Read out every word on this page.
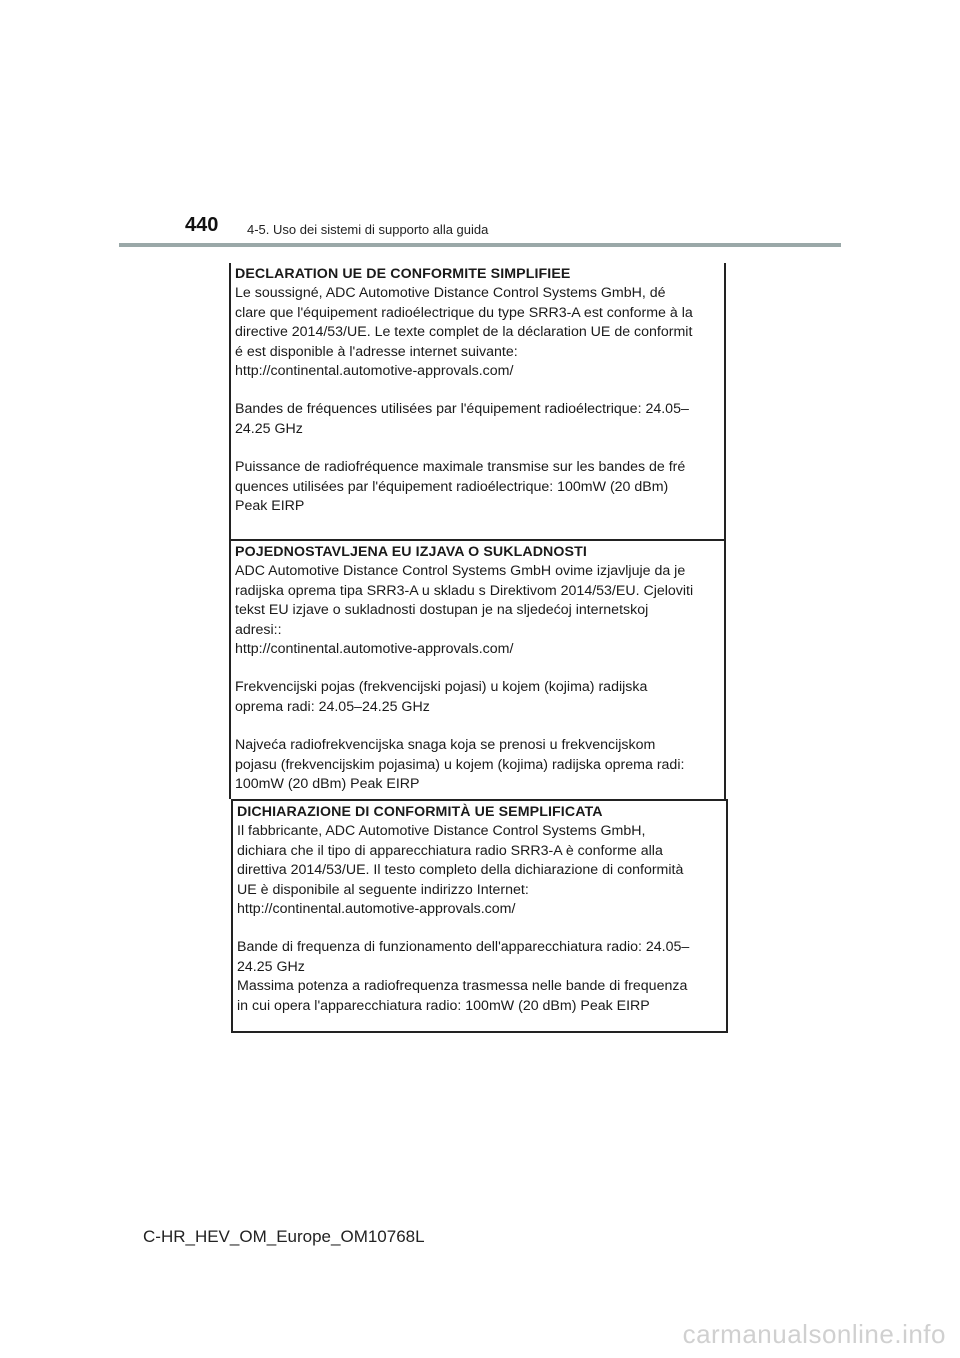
440 4-5. Uso dei sistemi di supporto alla guida
DECLARATION UE DE CONFORMITE SIMPLIFIEE
Le soussigné, ADC Automotive Distance Control Systems GmbH, dé
clare que l'équipement radioélectrique du type SRR3-A est conforme à la
directive 2014/53/UE. Le texte complet de la déclaration UE de conformit
é est disponible à l'adresse internet suivante:
http://continental.automotive-approvals.com/
Bandes de fréquences utilisées par l'équipement radioélectrique: 24.05–
24.25 GHz
Puissance de radiofréquence maximale transmise sur les bandes de fré
quences utilisées par l'équipement radioélectrique: 100mW (20 dBm)
Peak EIRP
POJEDNOSTAVLJENA EU IZJAVA O SUKLADNOSTI
ADC Automotive Distance Control Systems GmbH ovime izjavljuje da je
radijska oprema tipa SRR3-A u skladu s Direktivom 2014/53/EU. Cjeloviti
tekst EU izjave o sukladnosti dostupan je na sljedećoj internetskoj
adresi::
http://continental.automotive-approvals.com/
Frekvencijski pojas (frekvencijski pojasi) u kojem (kojima) radijska
oprema radi: 24.05–24.25 GHz
Najveća radiofrekvencijska snaga koja se prenosi u frekvencijskom
pojasu (frekvencijskim pojasima) u kojem (kojima) radijska oprema radi:
100mW (20 dBm) Peak EIRP
DICHIARAZIONE DI CONFORMITÀ UE SEMPLIFICATA
Il fabbricante, ADC Automotive Distance Control Systems GmbH,
dichiara che il tipo di apparecchiatura radio SRR3-A è conforme alla
direttiva 2014/53/UE. Il testo completo della dichiarazione di conformità
UE è disponibile al seguente indirizzo Internet:
http://continental.automotive-approvals.com/
Bande di frequenza di funzionamento dell'apparecchiatura radio: 24.05–
24.25 GHz
Massima potenza a radiofrequenza trasmessa nelle bande di frequenza
in cui opera l'apparecchiatura radio: 100mW (20 dBm) Peak EIRP
C-HR_HEV_OM_Europe_OM10768L
carmanualsonline.info
